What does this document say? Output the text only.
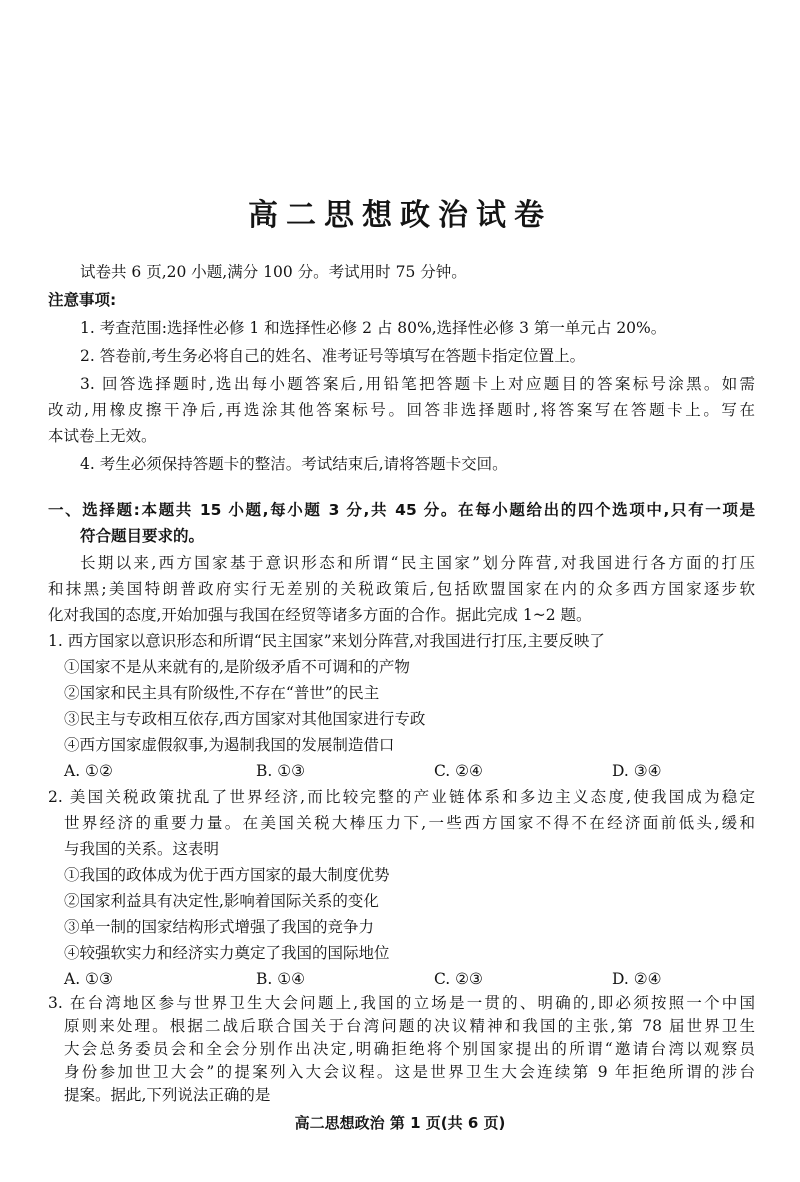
高二思想政治试卷
试卷共 6 页,20 小题,满分 100 分。考试用时 75 分钟。
注意事项:
1. 考查范围:选择性必修 1 和选择性必修 2 占 80%,选择性必修 3 第一单元占 20%。
2. 答卷前,考生务必将自己的姓名、准考证号等填写在答题卡指定位置上。
3. 回答选择题时,选出每小题答案后,用铅笔把答题卡上对应题目的答案标号涂黑。如需
改动,用橡皮擦干净后,再选涂其他答案标号。回答非选择题时,将答案写在答题卡上。写在
本试卷上无效。
4. 考生必须保持答题卡的整洁。考试结束后,请将答题卡交回。
一、选择题:本题共 15 小题,每小题 3 分,共 45 分。在每小题给出的四个选项中,只有一项是
符合题目要求的。
长期以来,西方国家基于意识形态和所谓“民主国家”划分阵营,对我国进行各方面的打压
和抹黑;美国特朗普政府实行无差别的关税政策后,包括欧盟国家在内的众多西方国家逐步软
化对我国的态度,开始加强与我国在经贸等诸多方面的合作。据此完成 1~2 题。
1. 西方国家以意识形态和所谓“民主国家”来划分阵营,对我国进行打压,主要反映了
①国家不是从来就有的,是阶级矛盾不可调和的产物
②国家和民主具有阶级性,不存在“普世”的民主
③民主与专政相互依存,西方国家对其他国家进行专政
④西方国家虚假叙事,为遏制我国的发展制造借口
A. ①②	B. ①③	C. ②④	D. ③④
2. 美国关税政策扰乱了世界经济,而比较完整的产业链体系和多边主义态度,使我国成为稳定
世界经济的重要力量。在美国关税大棒压力下,一些西方国家不得不在经济面前低头,缓和
与我国的关系。这表明
①我国的政体成为优于西方国家的最大制度优势
②国家利益具有决定性,影响着国际关系的变化
③单一制的国家结构形式增强了我国的竞争力
④较强软实力和经济实力奠定了我国的国际地位
A. ①③	B. ①④	C. ②③	D. ②④
3. 在台湾地区参与世界卫生大会问题上,我国的立场是一贯的、明确的,即必须按照一个中国
原则来处理。根据二战后联合国关于台湾问题的决议精神和我国的主张,第 78 届世界卫生
大会总务委员会和全会分别作出决定,明确拒绝将个别国家提出的所谓“邀请台湾以观察员
身份参加世卫大会”的提案列入大会议程。这是世界卫生大会连续第 9 年拒绝所谓的涉台
高二思想政治 第 1 页(共 6 页)
提案。据此,下列说法正确的是
